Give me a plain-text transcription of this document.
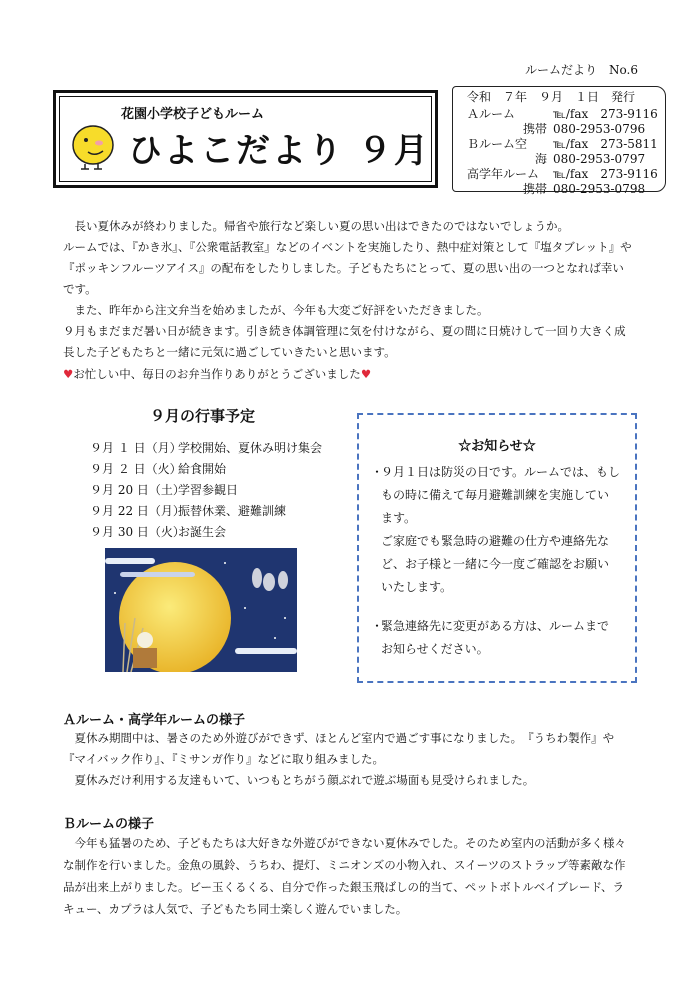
ルームだより　No.6
花園小学校子どもルーム
ひよこだより ９月
令和　７年　９月　１日　発行
Ａルーム	℡/fax　 273-9116
携帯 080-2953-0796
Ｂルーム空 ℡/fax　 273-5811
海 080-2953-0797
高学年ルーム ℡/fax　 273-9116
携帯 080-2953-0798
　長い夏休みが終わりました。帰省や旅行など楽しい夏の思い出はできたのではないでしょうか。
ルームでは、『かき氷』、『公衆電話教室』などのイベントを実施したり、熱中症対策として『塩タブレット』や
『ポッキンフルーツアイス』の配布をしたりしました。子どもたちにとって、夏の思い出の一つとなれば幸い
です。
　また、昨年から注文弁当を始めましたが、今年も大変ご好評をいただきました。
９月もまだまだ暑い日が続きます。引き続き体調管理に気を付けながら、夏の間に日焼けして一回り大きく成
長した子どもたちと一緒に元気に過ごしていきたいと思います。
♥お忙しい中、毎日のお弁当作りありがとうございました♥
９月の行事予定
９月 １ 日（月）学校開始、夏休み明け集会
９月 ２ 日（火）給食開始
９月 20 日（土）学習参観日
９月 22 日（月）振替休業、避難訓練
９月 30 日（火）お誕生会
☆お知らせ☆
・
９月１日は防災の日です。ルームでは、もし
もの時に備えて毎月避難訓練を実施してい
ます。
ご家庭でも緊急時の避難の仕方や連絡先な
ど、お子様と一緒に今一度ご確認をお願い
いたします。
・
緊急連絡先に変更がある方は、ルームまで
お知らせください。
Ａルーム・高学年ルームの様子
　夏休み期間中は、暑さのため外遊びができず、ほとんど室内で過ごす事になりました。　『うちわ製作』や
『マイバック作り』、『ミサンガ作り』などに取り組みました。
　夏休みだけ利用する友達もいて、いつもとちがう顔ぶれで遊ぶ場面も見受けられました。
Ｂルームの様子
　今年も猛暑のため、子どもたちは大好きな外遊びができない夏休みでした。そのため室内の活動が多く様々
な制作を行いました。金魚の風鈴、うちわ、提灯、ミニオンズの小物入れ、スイーツのストラップ等素敵な作
品が出来上がりました。ビー玉くるくる、自分で作った銀玉飛ばしの的当て、ペットボトルベイブレード、ラ
キュー、カプラは人気で、子どもたち同士楽しく遊んでいました。
